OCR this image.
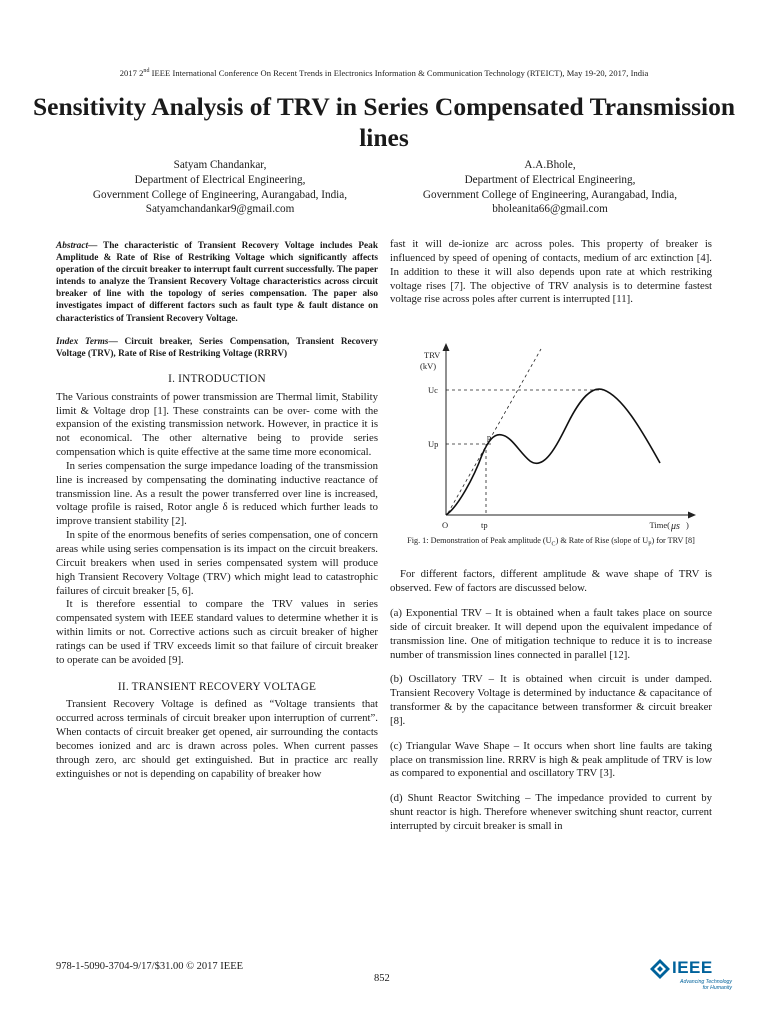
2017 2nd IEEE International Conference On Recent Trends in Electronics Information & Communication Technology (RTEICT), May 19-20, 2017, India
Sensitivity Analysis of TRV in Series Compensated Transmission lines
Satyam Chandankar,
Department of Electrical Engineering,
Government College of Engineering, Aurangabad, India,
Satyamchandankar9@gmail.com
A.A.Bhole,
Department of Electrical Engineering,
Government College of Engineering, Aurangabad, India,
bholeanita66@gmail.com

Abstract— The characteristic of Transient Recovery Voltage includes Peak Amplitude & Rate of Rise of Restriking Voltage which significantly affects operation of the circuit breaker to interrupt fault current successfully. The paper intends to analyze the Transient Recovery Voltage characteristics across circuit breaker of line with the topology of series compensation. The paper also investigates impact of different factors such as fault type & fault distance on characteristics of Transient Recovery Voltage.

Index Terms— Circuit breaker, Series Compensation, Transient Recovery Voltage (TRV), Rate of Rise of Restriking Voltage (RRRV)

I. INTRODUCTION

The Various constraints of power transmission are Thermal limit, Stability limit & Voltage drop [1]. These constraints can be over- come with the expansion of the existing transmission network. However, in practice it is not economical. The other alternative being to provide series compensation which is quite effective at the same time more economical.

In series compensation the surge impedance loading of the transmission line is increased by compensating the dominating inductive reactance of transmission line. As a result the power transferred over line is increased, voltage profile is raised, Rotor angle δ is reduced which further leads to improve transient stability [2].

In spite of the enormous benefits of series compensation, one of concern areas while using series compensation is its impact on the circuit breakers. Circuit breakers when used in series compensated system will produce high Transient Recovery Voltage (TRV) which might lead to catastrophic failures of circuit breaker [5, 6].

It is therefore essential to compare the TRV values in series compensated system with IEEE standard values to determine whether it is within limits or not. Corrective actions such as circuit breaker of higher ratings can be used if TRV exceeds limit so that failure of circuit breaker to operate can be avoided [9].

II. TRANSIENT RECOVERY VOLTAGE

Transient Recovery Voltage is defined as “Voltage transients that occurred across terminals of circuit breaker upon interruption of current”. When contacts of circuit breaker get opened, air surrounding the contacts becomes ionized and arc is drawn across poles. When current passes through zero, arc should get extinguished. But in practice arc really extinguishes or not is depending on capability of breaker how

fast it will de-ionize arc across poles. This property of breaker is influenced by speed of opening of contacts, medium of arc extinction [4]. In addition to these it will also depends upon rate at which restriking voltage rises [7]. The objective of TRV analysis is to determine fastest voltage rise across poles after current is interrupted [11].

TRV
(kV)
Uc
Up
p
O	tp	Time( μs )
Fig. 1: Demonstration of Peak amplitude $(U_C)$ & Rate of Rise (slope of $U_P$) for TRV [8]

For different factors, different amplitude & wave shape of TRV is observed. Few of factors are discussed below.

(a) Exponential TRV – It is obtained when a fault takes place on source side of circuit breaker. It will depend upon the equivalent impedance of transmission line. One of mitigation technique to reduce it is to increase number of transmission lines connected in parallel [12].

(b) Oscillatory TRV – It is obtained when circuit is under damped. Transient Recovery Voltage is determined by inductance & capacitance of transformer & by the capacitance between transformer & circuit breaker [8].

(c) Triangular Wave Shape – It occurs when short line faults are taking place on transmission line. RRRV is high & peak amplitude of TRV is low as compared to exponential and oscillatory TRV [3].

(d) Shunt Reactor Switching – The impedance provided to current by shunt reactor is high. Therefore whenever switching shunt reactor, current interrupted by circuit breaker is small in

978-1-5090-3704-9/17/$31.00 © 2017 IEEE
852
IEEE
Advancing Technology
for Humanity
